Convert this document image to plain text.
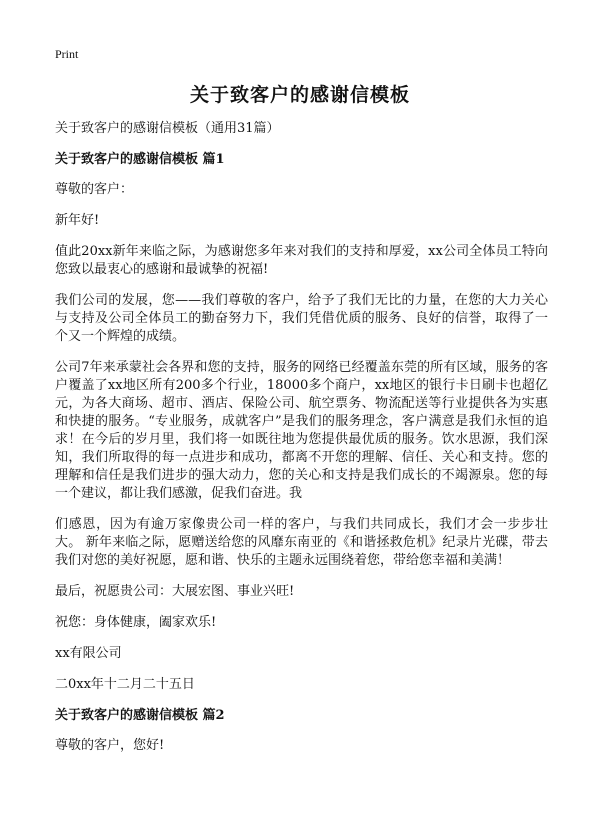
Print
关于致客户的感谢信模板

关于致客户的感谢信模板（通用31篇）

关于致客户的感谢信模板 篇1

尊敬的客户：

新年好!

值此20xx新年来临之际，为感谢您多年来对我们的支持和厚爱，xx公司全体员工特向您致以最衷心的感谢和最诚挚的祝福!

我们公司的发展，您——我们尊敬的客户，给予了我们无比的力量，在您的大力关心与支持及公司全体员工的勤奋努力下，我们凭借优质的服务、良好的信誉，取得了一个又一个辉煌的成绩。

公司7年来承蒙社会各界和您的支持，服务的网络已经覆盖东莞的所有区域，服务的客户覆盖了xx地区所有200多个行业，18000多个商户，xx地区的银行卡日刷卡也超亿元，为各大商场、超市、酒店、保险公司、航空票务、物流配送等行业提供各为实惠和快捷的服务。“专业服务，成就客户”是我们的服务理念，客户满意是我们永恒的追求！在今后的岁月里，我们将一如既往地为您提供最优质的服务。饮水思源，我们深知，我们所取得的每一点进步和成功，都离不开您的理解、信任、关心和支持。您的理解和信任是我们进步的强大动力，您的关心和支持是我们成长的不竭源泉。您的每一个建议，都让我们感激，促我们奋进。我

们感恩，因为有逾万家像贵公司一样的客户，与我们共同成长，我们才会一步步壮大。 新年来临之际，愿赠送给您的风靡东南亚的《和谐拯救危机》纪录片光碟，带去我们对您的美好祝愿，愿和谐、快乐的主题永远围绕着您，带给您幸福和美满！

最后，祝愿贵公司：大展宏图、事业兴旺!

祝您：身体健康，阖家欢乐!

xx有限公司

二0xx年十二月二十五日

关于致客户的感谢信模板 篇2

尊敬的客户，您好!
